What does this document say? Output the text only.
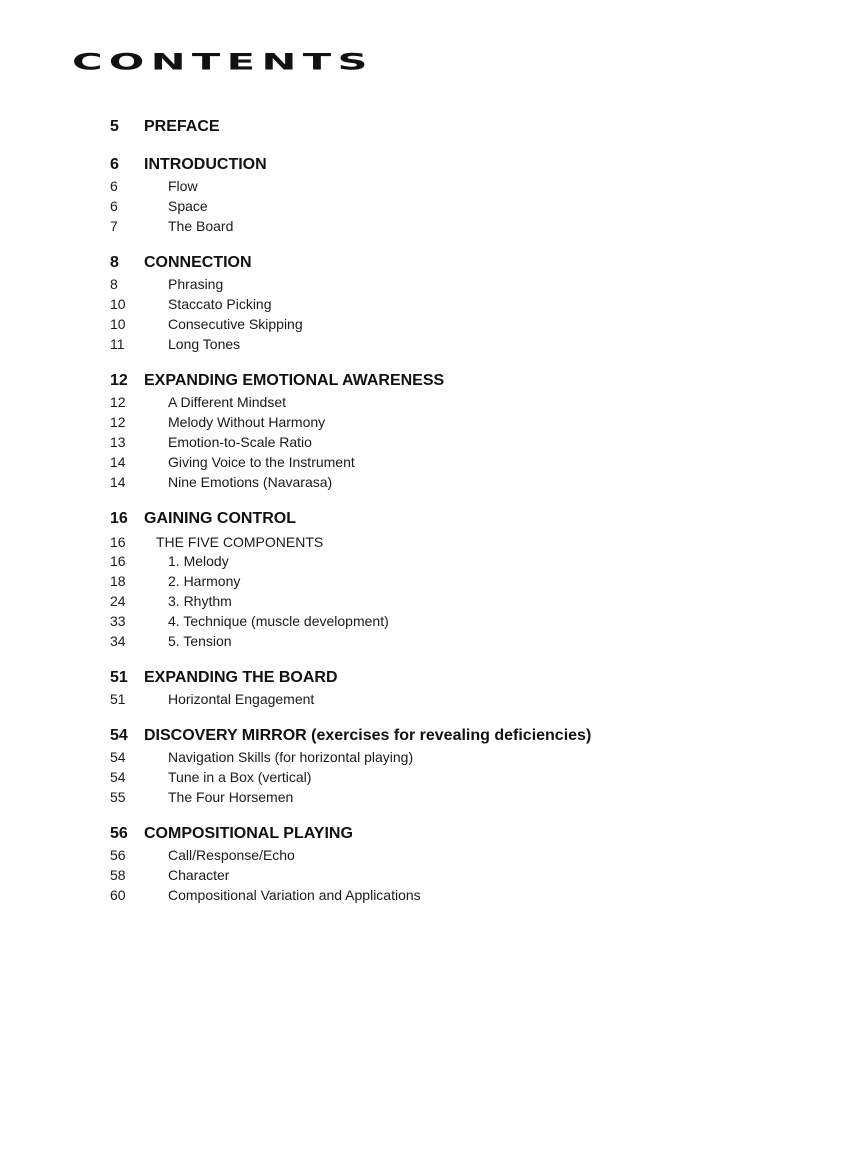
CONTENTS
5	PREFACE
6	INTRODUCTION
6	Flow
6	Space
7	The Board
8	CONNECTION
8	Phrasing
10	Staccato Picking
10	Consecutive Skipping
11	Long Tones
12	EXPANDING EMOTIONAL AWARENESS
12	A Different Mindset
12	Melody Without Harmony
13	Emotion-to-Scale Ratio
14	Giving Voice to the Instrument
14	Nine Emotions (Navarasa)
16	GAINING CONTROL
16	THE FIVE COMPONENTS
16	1. Melody
18	2. Harmony
24	3. Rhythm
33	4. Technique (muscle development)
34	5. Tension
51	EXPANDING THE BOARD
51	Horizontal Engagement
54	DISCOVERY MIRROR (exercises for revealing deficiencies)
54	Navigation Skills (for horizontal playing)
54	Tune in a Box (vertical)
55	The Four Horsemen
56	COMPOSITIONAL PLAYING
56	Call/Response/Echo
58	Character
60	Compositional Variation and Applications
